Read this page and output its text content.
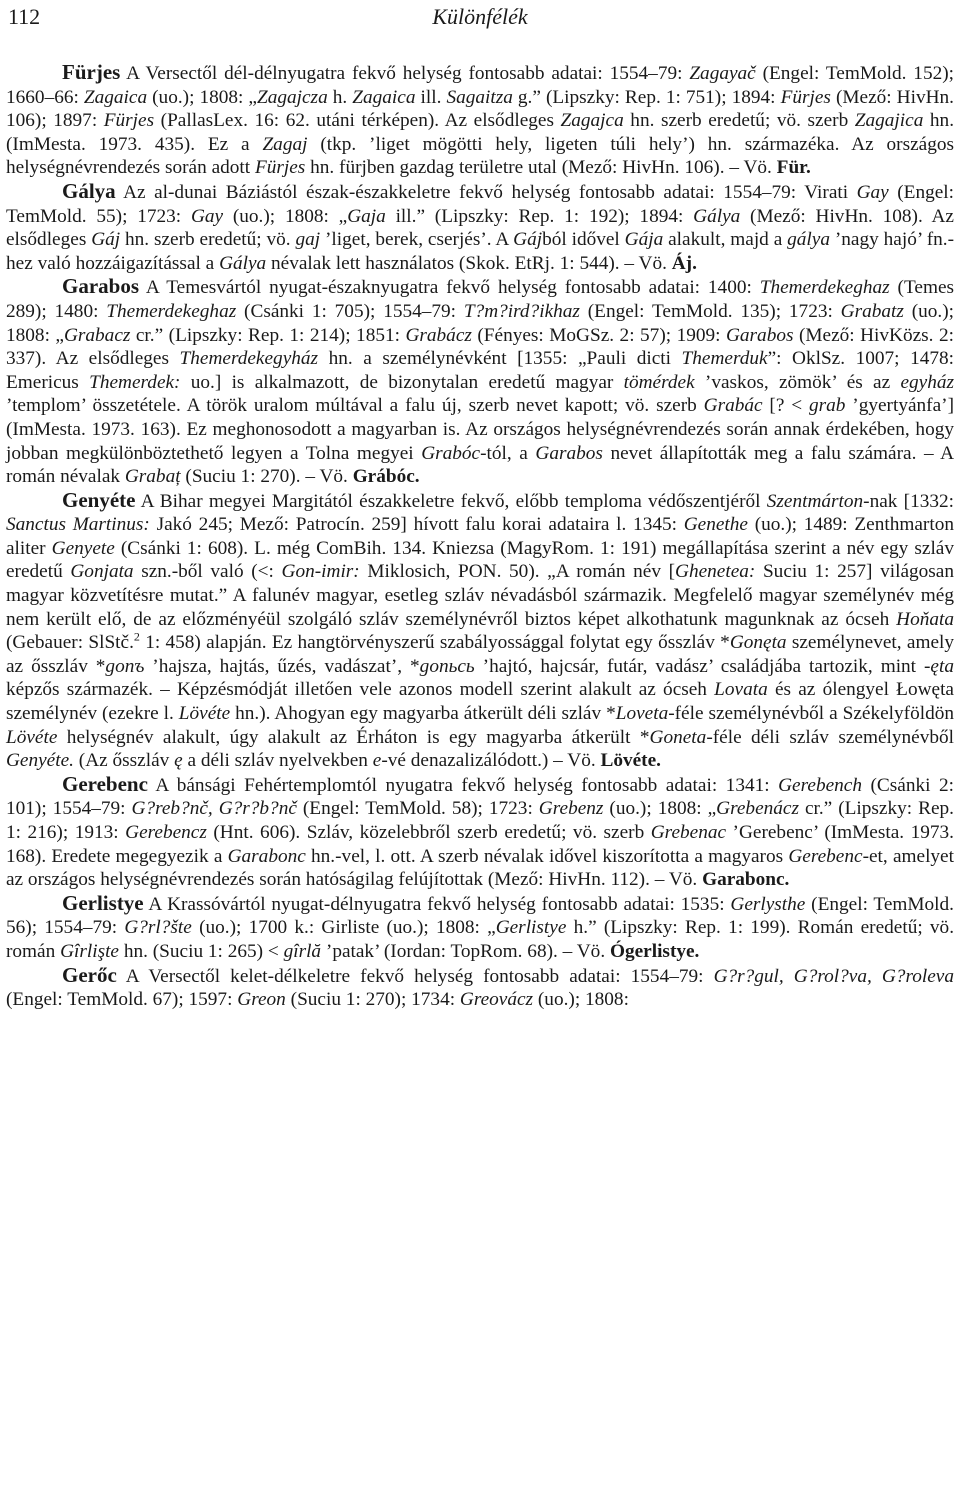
112	Különfélék

Fürjes A Versectől dél-délnyugatra fekvő helység fontosabb adatai: 1554–79: Zagayač (Engel: TemMold. 152); 1660–66: Zagaica (uo.); 1808: „Zagajcza h. Zagaica ill. Sagaitza g.” (Lipszky: Rep. 1: 751); 1894: Fürjes (Mező: HivHn. 106); 1897: Fürjes (PallasLex. 16: 62. utáni térképen). Az elsődleges Zagajca hn. szerb eredetű; vö. szerb Zagajica hn. (ImMesta. 1973. 435). Ez a Zagaj (tkp. ’liget mögötti hely, ligeten túli hely’) hn. származéka. Az országos helységnévrendezés során adott Fürjes hn. fürjben gazdag területre utal (Mező: HivHn. 106). – Vö. Für.

Gálya Az al-dunai Báziástól észak-északkeletre fekvő helység fontosabb adatai: 1554–79: Virati Gay (Engel: TemMold. 55); 1723: Gay (uo.); 1808: „Gaja ill.” (Lipszky: Rep. 1: 192); 1894: Gálya (Mező: HivHn. 108). Az elsődleges Gáj hn. szerb eredetű; vö. gaj ’liget, berek, cserjés’. A Gájból idővel Gája alakult, majd a gálya ’nagy hajó’ fn.-hez való hozzáigazítással a Gálya névalak lett használatos (Skok. EtRj. 1: 544). – Vö. Áj.

Garabos A Temesvártól nyugat-északnyugatra fekvő helység fontosabb adatai: 1400: Themerdekeghaz (Temes 289); 1480: Themerdekeghaz (Csánki 1: 705); 1554–79: T?m?ird?ikhaz (Engel: TemMold. 135); 1723: Grabatz (uo.); 1808: „Grabacz cr.” (Lipszky: Rep. 1: 214); 1851: Grabácz (Fényes: MoGSz. 2: 57); 1909: Garabos (Mező: HivKözs. 2: 337). Az elsődleges Themerdekegyház hn. a személynévként [1355: „Pauli dicti Themerduk”: OklSz. 1007; 1478: Emericus Themerdek: uo.] is alkalmazott, de bizonytalan eredetű magyar tömérdek ’vaskos, zömök’ és az egyház ’templom’ összetétele. A török uralom múltával a falu új, szerb nevet kapott; vö. szerb Grabác [? < grab ’gyertyánfa’] (ImMesta. 1973. 163). Ez meghonosodott a magyarban is. Az országos helységnévrendezés során annak érdekében, hogy jobban megkülönböztethető legyen a Tolna megyei Grabóc-tól, a Garabos nevet állapították meg a falu számára. – A román névalak Grabaț (Suciu 1: 270). – Vö. Grábóc.

Genyéte A Bihar megyei Margitától északkeletre fekvő, előbb temploma védőszentjéről Szentmárton-nak [1332: Sanctus Martinus: Jakó 245; Mező: Patrocín. 259] hívott falu korai adataira l. 1345: Genethe (uo.); 1489: Zenthmarton aliter Genyete (Csánki 1: 608). L. még ComBih. 134. Kniezsa (MagyRom. 1: 191) megállapítása szerint a név egy szláv eredetű Gonjata szn.-ből való (<: Gon-imir: Miklosich, PON. 50). „A román név [Ghenetea: Suciu 1: 257] világosan magyar közvetítésre mutat.” A falunév magyar, esetleg szláv névadásból származik. Megfelelő magyar személynév még nem került elő, de az előzményéül szolgáló szláv személynévről biztos képet alkothatunk magunknak az ócseh Hoňata (Gebauer: SlStč.$^2$ 1: 458) alapján. Ez hangtörvényszerű szabályossággal folytat egy ősszláv *Gonęta személynevet, amely az ősszláv *gonъ ’hajsza, hajtás, űzés, vadászat’, *gonьсь ’hajtó, hajcsár, futár, vadász’ családjába tartozik, mint -ęta képzős származék. – Képzésmódját illetően vele azonos modell szerint alakult az ócseh Lovata és az ólengyel Łowęta személynév (ezekre l. Lövéte hn.). Ahogyan egy magyarba átkerült déli szláv *Loveta-féle személynévből a Székelyföldön Lövéte helységnév alakult, úgy alakult az Érháton is egy magyarba átkerült *Goneta-féle déli szláv személynévből Genyéte. (Az ősszláv ę a déli szláv nyelvekben e-vé denazalizálódott.) – Vö. Lövéte.

Gerebenc A bánsági Fehértemplomtól nyugatra fekvő helység fontosabb adatai: 1341: Gerebench (Csánki 2: 101); 1554–79: G?reb?nč, G?r?b?nč (Engel: TemMold. 58); 1723: Grebenz (uo.); 1808: „Grebenácz cr.” (Lipszky: Rep. 1: 216); 1913: Gerebencz (Hnt. 606). Szláv, közelebbről szerb eredetű; vö. szerb Grebenac ’Gerebenc’ (ImMesta. 1973. 168). Eredete megegyezik a Garabonc hn.-vel, l. ott. A szerb névalak idővel kiszorította a magyaros Gerebenc-et, amelyet az országos helységnévrendezés során hatóságilag felújítottak (Mező: HivHn. 112). – Vö. Garabonc.

Gerlistye A Krassóvártól nyugat-délnyugatra fekvő helység fontosabb adatai: 1535: Gerlysthe (Engel: TemMold. 56); 1554–79: G?rl?šte (uo.); 1700 k.: Girliste (uo.); 1808: „Gerlistye h.” (Lipszky: Rep. 1: 199). Román eredetű; vö. román Gîrlişte hn. (Suciu 1: 265) < gîrlă ’patak’ (Iordan: TopRom. 68). – Vö. Ógerlistye.

Gerőc A Versectől kelet-délkeletre fekvő helység fontosabb adatai: 1554–79: G?r?gul, G?rol?va, G?roleva (Engel: TemMold. 67); 1597: Greon (Suciu 1: 270); 1734: Greovácz (uo.); 1808:
